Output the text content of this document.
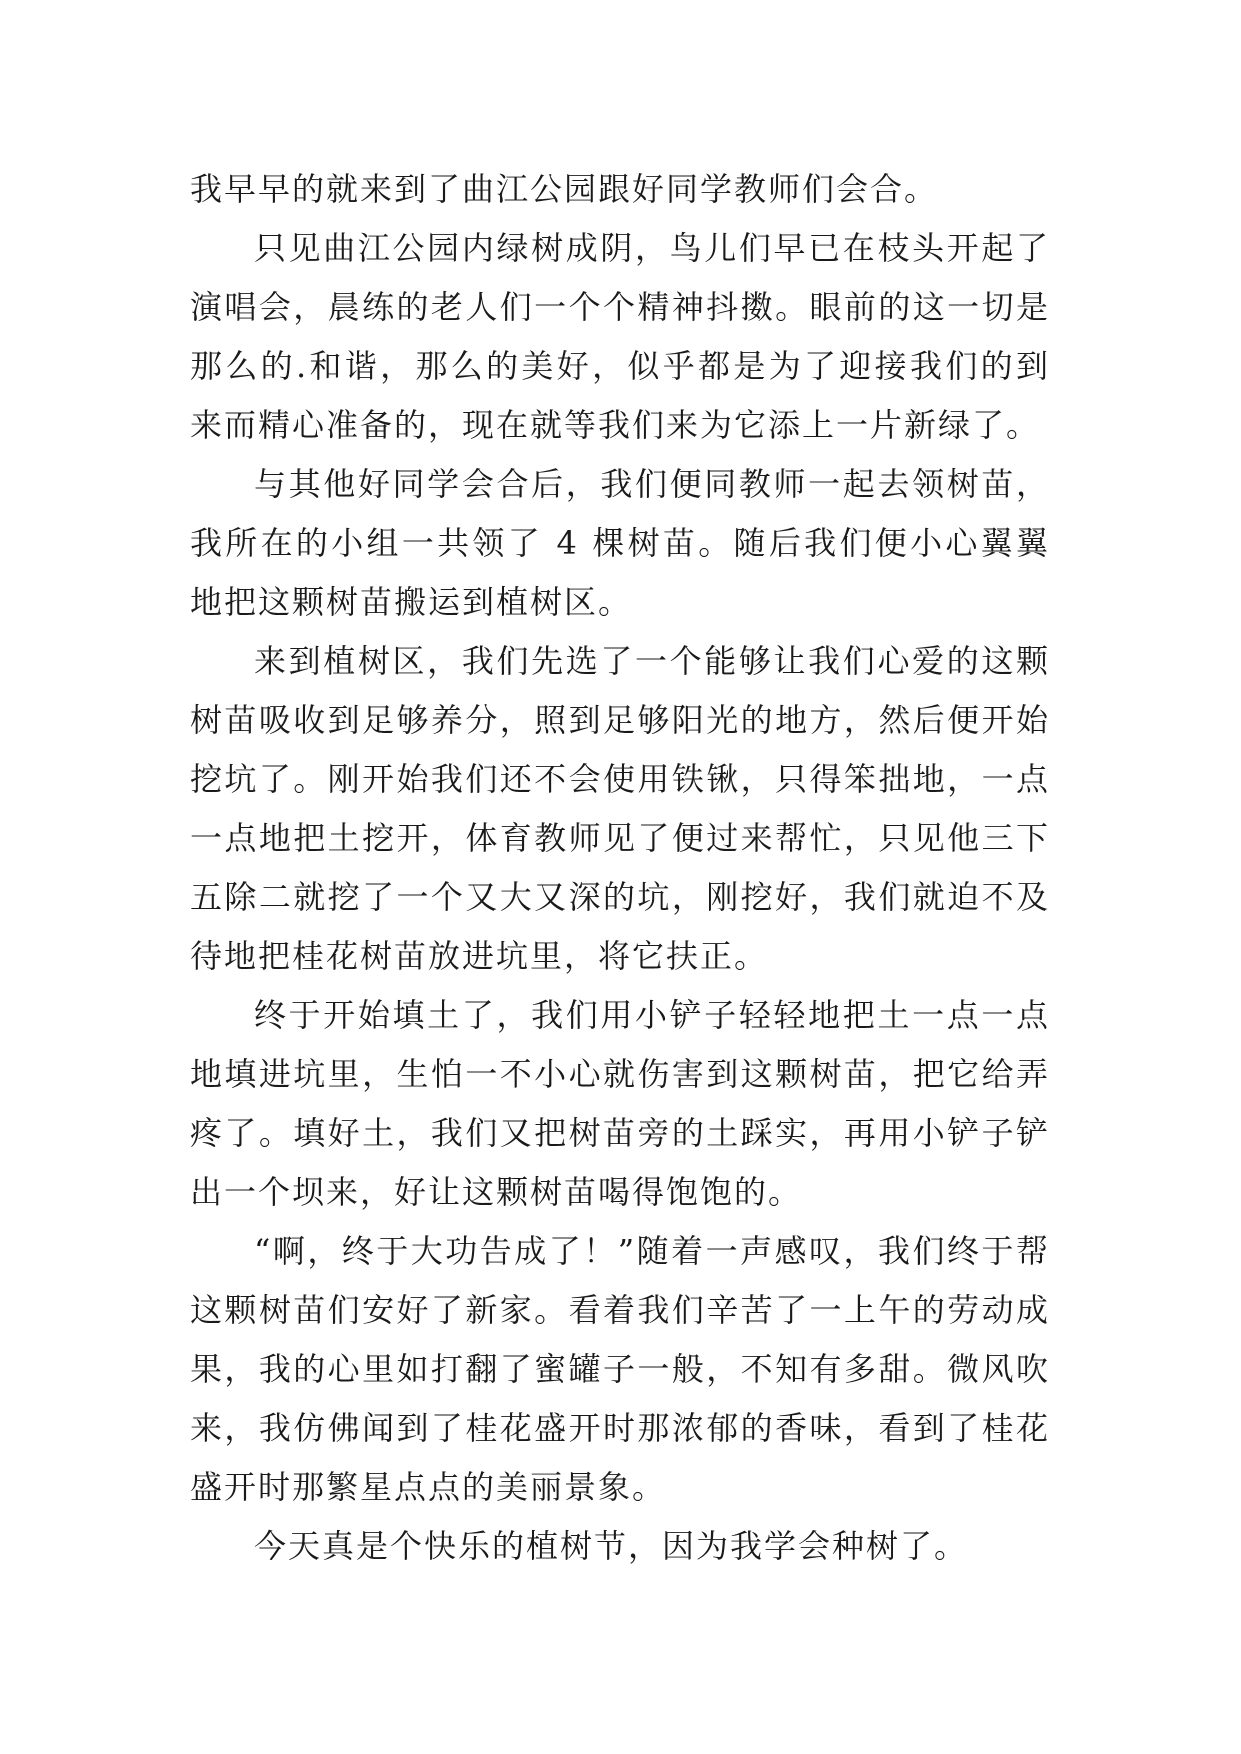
我早早的就来到了曲江公园跟好同学教师们会合。

只见曲江公园内绿树成阴，鸟儿们早已在枝头开起了演唱会，晨练的老人们一个个精神抖擞。眼前的这一切是那么的.和谐，那么的美好，似乎都是为了迎接我们的到来而精心准备的，现在就等我们来为它添上一片新绿了。

与其他好同学会合后，我们便同教师一起去领树苗，我所在的小组一共领了 4 棵树苗。随后我们便小心翼翼地把这颗树苗搬运到植树区。

来到植树区，我们先选了一个能够让我们心爱的这颗树苗吸收到足够养分，照到足够阳光的地方，然后便开始挖坑了。刚开始我们还不会使用铁锹，只得笨拙地，一点一点地把土挖开，体育教师见了便过来帮忙，只见他三下五除二就挖了一个又大又深的坑，刚挖好，我们就迫不及待地把桂花树苗放进坑里，将它扶正。

终于开始填土了，我们用小铲子轻轻地把土一点一点地填进坑里，生怕一不小心就伤害到这颗树苗，把它给弄疼了。填好土，我们又把树苗旁的土踩实，再用小铲子铲出一个坝来，好让这颗树苗喝得饱饱的。

“啊，终于大功告成了！”随着一声感叹，我们终于帮这颗树苗们安好了新家。看着我们辛苦了一上午的劳动成果，我的心里如打翻了蜜罐子一般，不知有多甜。微风吹来，我仿佛闻到了桂花盛开时那浓郁的香味，看到了桂花盛开时那繁星点点的美丽景象。

今天真是个快乐的植树节，因为我学会种树了。
